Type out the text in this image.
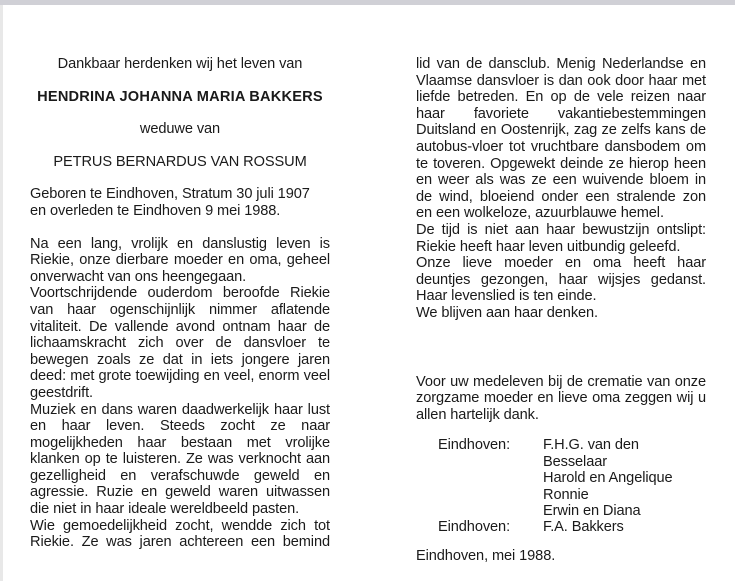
Dankbaar herdenken wij het leven van
HENDRINA JOHANNA MARIA BAKKERS
weduwe van
PETRUS BERNARDUS VAN ROSSUM
Geboren te Eindhoven, Stratum 30 juli 1907
en overleden te Eindhoven 9 mei 1988.
Na een lang, vrolijk en danslustig leven is Riekie, onze dierbare moeder en oma, geheel onverwacht van ons heengegaan.
Voortschrijdende ouderdom beroofde Riekie van haar ogenschijnlijk nimmer aflatende vitaliteit. De vallende avond ontnam haar de lichaamskracht zich over de dansvloer te bewegen zoals ze dat in iets jongere jaren deed: met grote toewijding en veel, enorm veel geestdrift.
Muziek en dans waren daadwerkelijk haar lust en haar leven. Steeds zocht ze naar mogelijkheden haar bestaan met vrolijke klanken op te luisteren. Ze was verknocht aan gezelligheid en verafschuwde geweld en agressie. Ruzie en geweld waren uitwassen die niet in haar ideale wereldbeeld pasten.
Wie gemoedelijkheid zocht, wendde zich tot Riekie. Ze was jaren achtereen een bemind
lid van de dansclub. Menig Nederlandse en Vlaamse dansvloer is dan ook door haar met liefde betreden. En op de vele reizen naar haar favoriete vakantiebestemmingen Duitsland en Oostenrijk, zag ze zelfs kans de autobus-vloer tot vruchtbare dansbodem om te toveren. Opgewekt deinde ze hierop heen en weer als was ze een wuivende bloem in de wind, bloeiend onder een stralende zon en een wolkeloze, azuurblauwe hemel.
De tijd is niet aan haar bewustzijn ontslipt: Riekie heeft haar leven uitbundig geleefd.
Onze lieve moeder en oma heeft haar deuntjes gezongen, haar wijsjes gedanst. Haar levenslied is ten einde.
We blijven aan haar denken.
Voor uw medeleven bij de crematie van onze zorgzame moeder en lieve oma zeggen wij u allen hartelijk dank.
Eindhoven:	F.H.G. van den Besselaar
Harold en Angelique
Ronnie
Erwin en Diana
Eindhoven:	F.A. Bakkers
Eindhoven, mei 1988.
